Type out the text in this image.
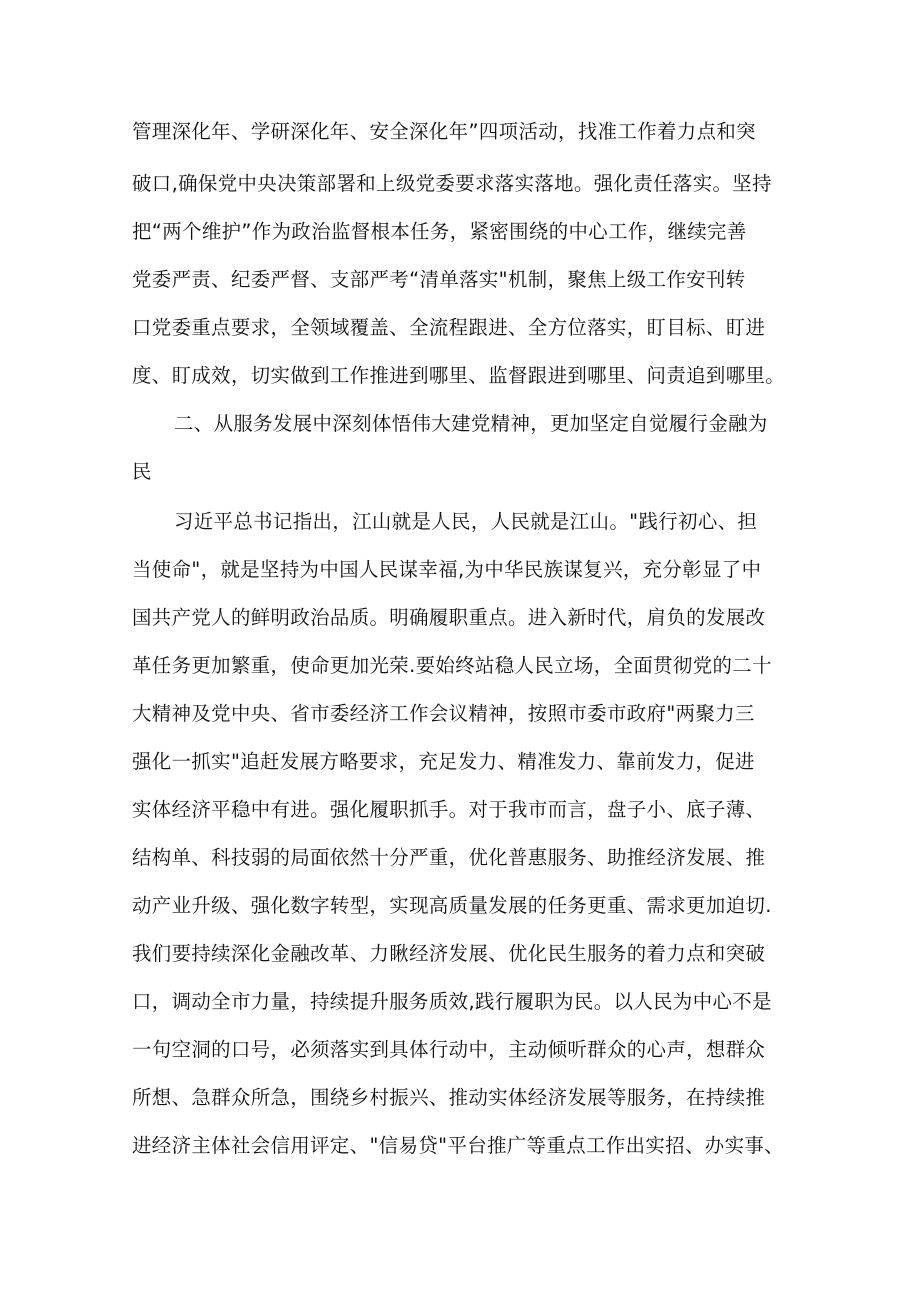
管理深化年、学研深化年、安全深化年”四项活动，找准工作着力点和突
破口,确保党中央决策部署和上级党委要求落实落地。强化责任落实。坚持
把“两个维护”作为政治监督根本任务，紧密围绕的中心工作，继续完善
党委严责、纪委严督、支部严考“清单落实"机制，聚焦上级工作安刊转
口党委重点要求，全领域覆盖、全流程跟进、全方位落实，盯目标、盯进
度、盯成效，切实做到工作推进到哪里、监督跟进到哪里、问责追到哪里。
二、从服务发展中深刻体悟伟大建党精神，更加坚定自觉履行金融为
民
习近平总书记指出，江山就是人民，人民就是江山。"践行初心、担
当使命"，就是坚持为中国人民谋幸福,为中华民族谋复兴，充分彰显了中
国共产党人的鲜明政治品质。明确履职重点。进入新时代，肩负的发展改
革任务更加繁重，使命更加光荣.要始终站稳人民立场，全面贯彻党的二十
大精神及党中央、省市委经济工作会议精神，按照市委市政府"两聚力三
强化一抓实"追赶发展方略要求，充足发力、精准发力、靠前发力，促进
实体经济平稳中有进。强化履职抓手。对于我市而言，盘子小、底子薄、
结构单、科技弱的局面依然十分严重，优化普惠服务、助推经济发展、推
动产业升级、强化数字转型，实现高质量发展的任务更重、需求更加迫切.
我们要持续深化金融改革、力瞅经济发展、优化民生服务的着力点和突破
口，调动全市力量，持续提升服务质效,践行履职为民。以人民为中心不是
一句空洞的口号，必须落实到具体行动中，主动倾听群众的心声，想群众
所想、急群众所急，围绕乡村振兴、推动实体经济发展等服务，在持续推
进经济主体社会信用评定、"信易贷"平台推广等重点工作出实招、办实事、
